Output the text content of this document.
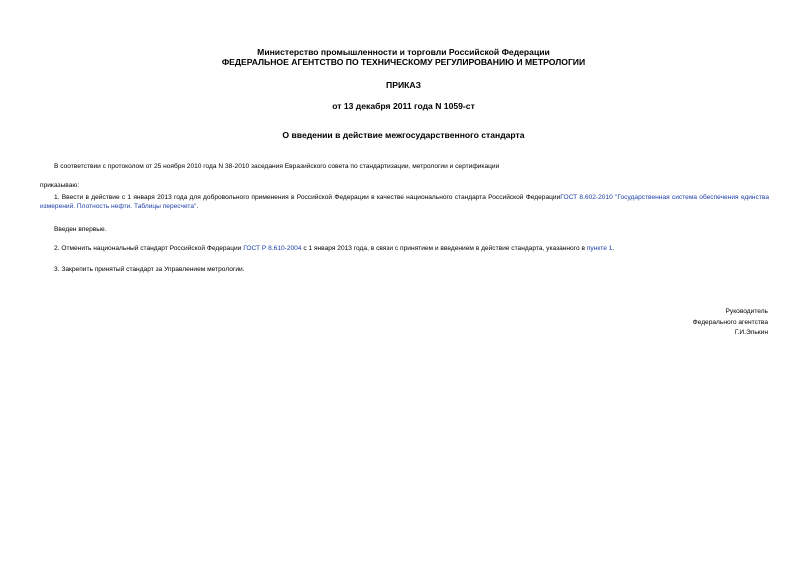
Министерство промышленности и торговли Российской Федерации
ФЕДЕРАЛЬНОЕ АГЕНТСТВО ПО ТЕХНИЧЕСКОМУ РЕГУЛИРОВАНИЮ И МЕТРОЛОГИИ
ПРИКАЗ
от 13 декабря 2011 года N 1059-ст
О введении в действие межгосударственного стандарта
В соответствии с протоколом от 25 ноября 2010 года N 38-2010 заседания Евразийского совета по стандартизации, метрологии и сертификации
приказываю:
1. Ввести в действие с 1 января 2013 года для добровольного применения в Российской Федерации в качестве национального стандарта Российской ФедерацииГОСТ 8.602-2010 "Государственная система обеспечения единства измерений. Плотность нефти. Таблицы пересчета".
Введен впервые.
2. Отменить национальный стандарт Российской Федерации ГОСТ Р 8.610-2004 с 1 января 2013 года, в связи с принятием и введением в действие стандарта, указанного в пункте 1.
3. Закрепить принятый стандарт за Управлением метрологии.
Руководитель
Федерального агентства
Г.И.Элькин
